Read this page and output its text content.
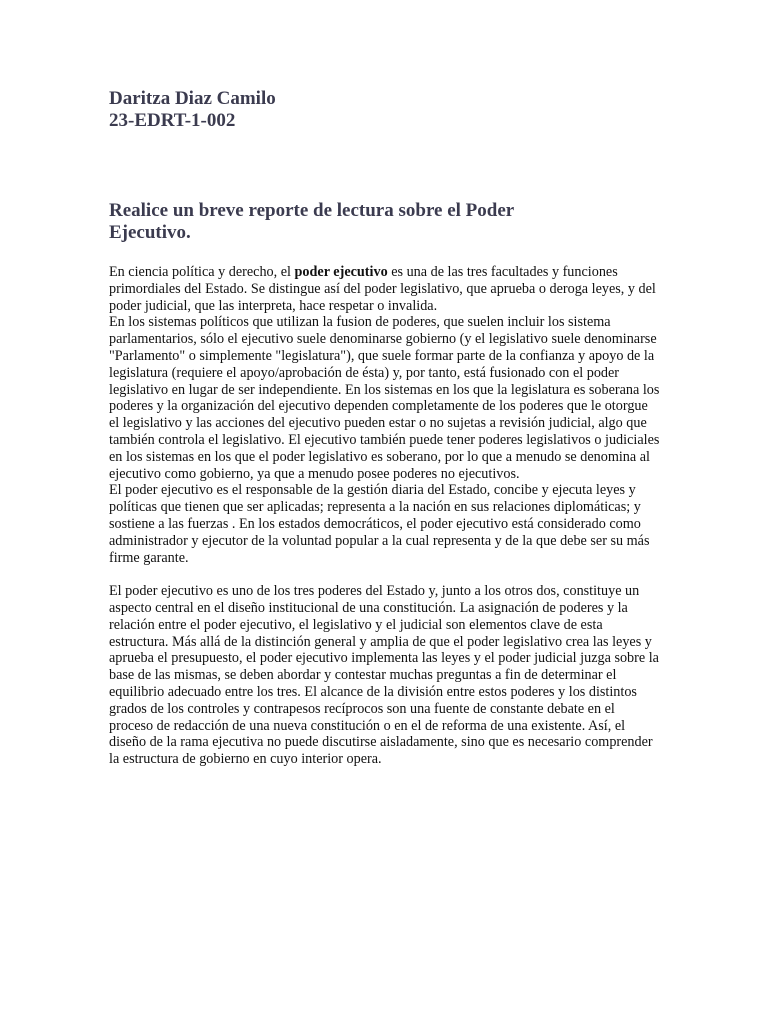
Daritza Diaz Camilo

23-EDRT-1-002

Realice un breve reporte de lectura sobre el Poder
Ejecutivo.

En ciencia política y derecho, el poder ejecutivo es una de las tres facultades y funciones primordiales del Estado. Se distingue así del poder legislativo, que aprueba o deroga leyes, y del poder judicial, que las interpreta, hace respetar o invalida.

En los sistemas políticos que utilizan la fusion de poderes, que suelen incluir los sistema parlamentarios, sólo el ejecutivo suele denominarse gobierno (y el legislativo suele denominarse "Parlamento" o simplemente "legislatura"), que suele formar parte de la confianza y apoyo de la legislatura (requiere el apoyo/aprobación de ésta) y, por tanto, está fusionado con el poder legislativo en lugar de ser independiente. En los sistemas en los que la legislatura es soberana los poderes y la organización del ejecutivo dependen completamente de los poderes que le otorgue el legislativo y las acciones del ejecutivo pueden estar o no sujetas a revisión judicial, algo que también controla el legislativo. El ejecutivo también puede tener poderes legislativos o judiciales en los sistemas en los que el poder legislativo es soberano, por lo que a menudo se denomina al ejecutivo como gobierno, ya que a menudo posee poderes no ejecutivos.

El poder ejecutivo es el responsable de la gestión diaria del Estado, concibe y ejecuta leyes y políticas que tienen que ser aplicadas; representa a la nación en sus relaciones diplomáticas; y sostiene a las fuerzas . En los estados democráticos, el poder ejecutivo está considerado como administrador y ejecutor de la voluntad popular a la cual representa y de la que debe ser su más firme garante.

El poder ejecutivo es uno de los tres poderes del Estado y, junto a los otros dos, constituye un aspecto central en el diseño institucional de una constitución. La asignación de poderes y la relación entre el poder ejecutivo, el legislativo y el judicial son elementos clave de esta estructura. Más allá de la distinción general y amplia de que el poder legislativo crea las leyes y aprueba el presupuesto, el poder ejecutivo implementa las leyes y el poder judicial juzga sobre la base de las mismas, se deben abordar y contestar muchas preguntas a fin de determinar el equilibrio adecuado entre los tres. El alcance de la división entre estos poderes y los distintos grados de los controles y contrapesos recíprocos son una fuente de constante debate en el proceso de redacción de una nueva constitución o en el de reforma de una existente. Así, el diseño de la rama ejecutiva no puede discutirse aisladamente, sino que es necesario comprender la estructura de gobierno en cuyo interior opera.
